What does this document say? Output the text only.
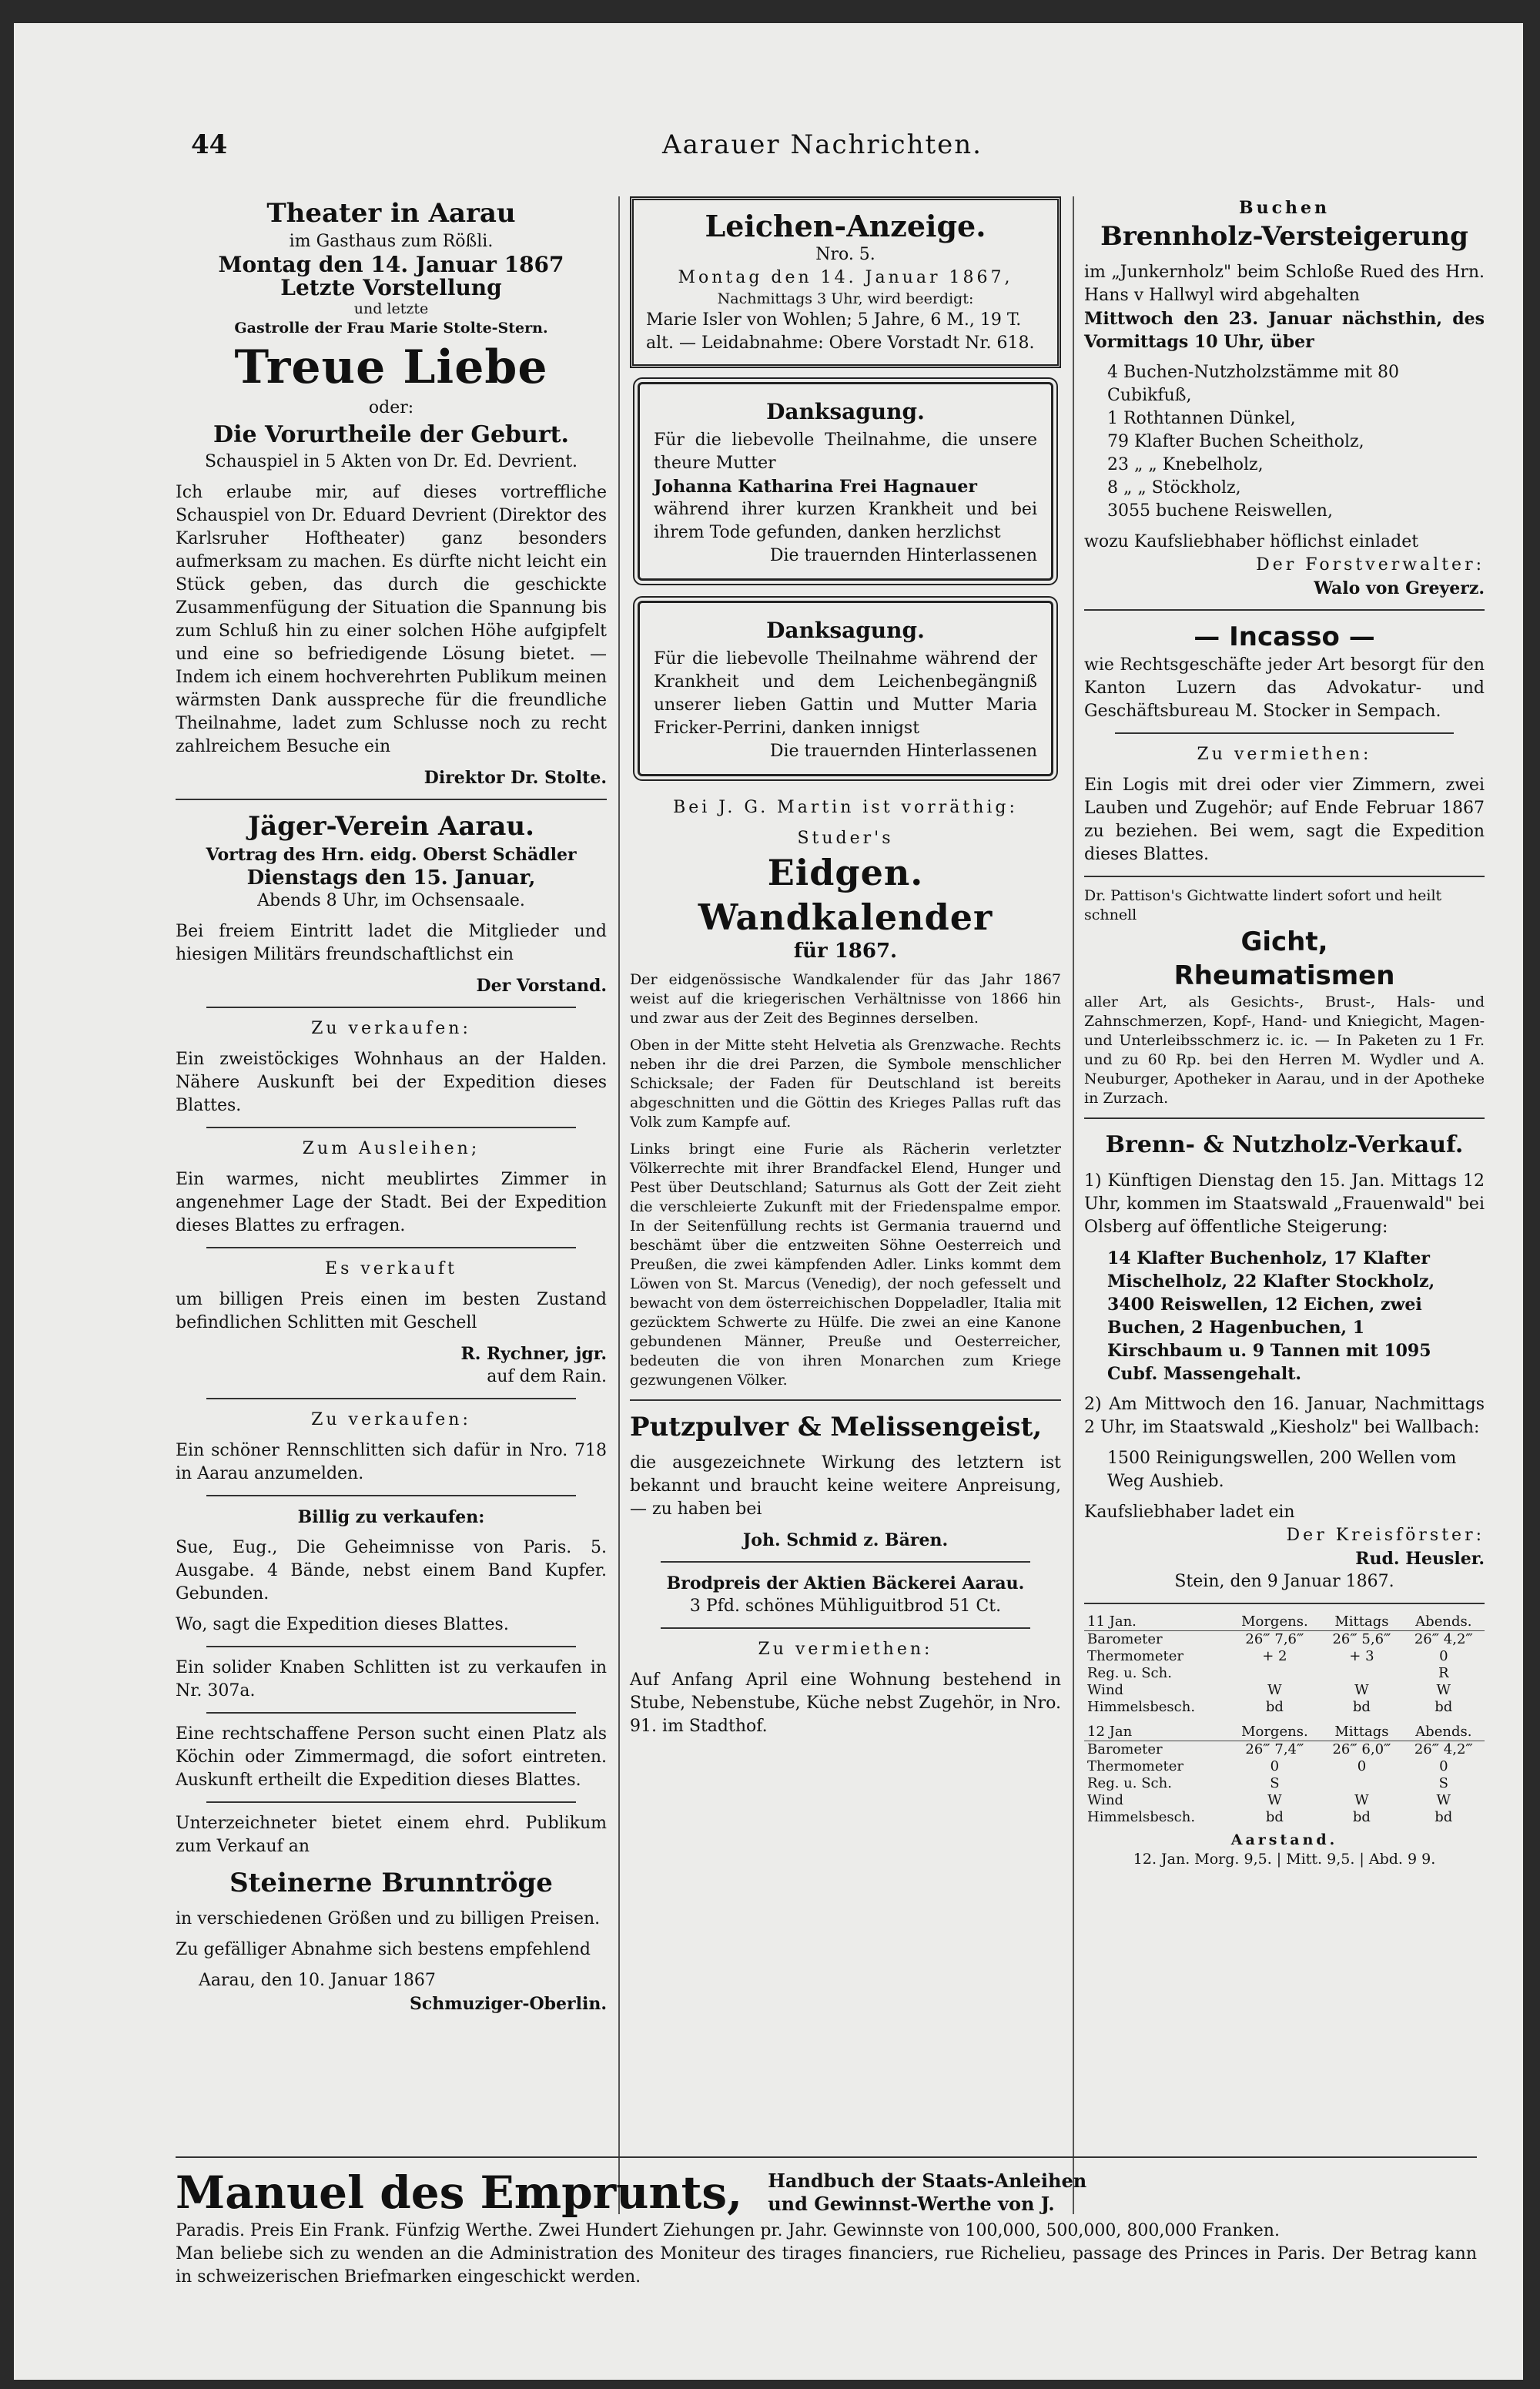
44	Aarauer Nachrichten.
Theater in Aarau
im Gasthaus zum Rößli.
Montag den 14. Januar 1867
Letzte Vorstellung
und letzte
Gastrolle der Frau Marie Stolte-Stern.
Treue Liebe
oder:
Die Vorurtheile der Geburt.
Schauspiel in 5 Akten von Dr. Ed. Devrient.
Ich erlaube mir, auf dieses vortreffliche Schauspiel von Dr. Eduard Devrient (Direktor des Karlsruher Hoftheater) ganz besonders aufmerksam zu machen. Es dürfte nicht leicht ein Stück geben, das durch die geschickte Zusammenfügung der Situation die Spannung bis zum Schluß hin zu einer solchen Höhe aufgipfelt und eine so befriedigende Lösung bietet. — Indem ich einem hochverehrten Publikum meinen wärmsten Dank ausspreche für die freundliche Theilnahme, ladet zum Schlusse noch zu recht zahlreichem Besuche ein
Direktor Dr. Stolte.
Jäger-Verein Aarau.
Vortrag des Hrn. eidg. Oberst Schädler
Dienstags den 15. Januar,
Abends 8 Uhr, im Ochsensaale.
Bei freiem Eintritt ladet die Mitglieder und hiesigen Militärs freundschaftlichst ein
Der Vorstand.
Zu verkaufen:
Ein zweistöckiges Wohnhaus an der Halden. Nähere Auskunft bei der Expedition dieses Blattes.
Zum Ausleihen;
Ein warmes, nicht meublirtes Zimmer in angenehmer Lage der Stadt. Bei der Expedition dieses Blattes zu erfragen.
Es verkauft
um billigen Preis einen im besten Zustand befindlichen Schlitten mit Geschell
R. Rychner, jgr.
auf dem Rain.
Zu verkaufen:
Ein schöner Rennschlitten sich dafür in Nro. 718 in Aarau anzumelden.
Billig zu verkaufen:
Sue, Eug., Die Geheimnisse von Paris. 5. Ausgabe. 4 Bände, nebst einem Band Kupfer. Gebunden.
Wo, sagt die Expedition dieses Blattes.
Ein solider Knaben Schlitten ist zu verkaufen in Nr. 307a.
Eine rechtschaffene Person sucht einen Platz als Köchin oder Zimmermagd, die sofort eintreten. Auskunft ertheilt die Expedition dieses Blattes.
Unterzeichneter bietet einem ehrd. Publikum zum Verkauf an
Steinerne Brunntröge
in verschiedenen Größen und zu billigen Preisen.
Zu gefälliger Abnahme sich bestens empfehlend
Aarau, den 10. Januar 1867
Schmuziger-Oberlin.
Leichen-Anzeige.
Nro. 5.
Montag den 14. Januar 1867,
Nachmittags 3 Uhr, wird beerdigt:
Marie Isler von Wohlen; 5 Jahre, 6 M., 19 T. alt. — Leidabnahme: Obere Vorstadt Nr. 618.
Danksagung.
Für die liebevolle Theilnahme, die unsere theure Mutter
Johanna Katharina Frei Hagnauer
während ihrer kurzen Krankheit und bei ihrem Tode gefunden, danken herzlichst
Die trauernden Hinterlassenen
Danksagung.
Für die liebevolle Theilnahme während der Krankheit und dem Leichenbegängniß unserer lieben Gattin und Mutter Maria Fricker-Perrini, danken innigst
Die trauernden Hinterlassenen
Bei J. G. Martin ist vorräthig:
Studer's
Eidgen. Wandkalender
für 1867.
Der eidgenössische Wandkalender für das Jahr 1867 weist auf die kriegerischen Verhältnisse von 1866 hin und zwar aus der Zeit des Beginnes derselben.
Oben in der Mitte steht Helvetia als Grenzwache. Rechts neben ihr die drei Parzen, die Symbole menschlicher Schicksale; der Faden für Deutschland ist bereits abgeschnitten und die Göttin des Krieges Pallas ruft das Volk zum Kampfe auf.
Links bringt eine Furie als Rächerin verletzter Völkerrechte mit ihrer Brandfackel Elend, Hunger und Pest über Deutschland; Saturnus als Gott der Zeit zieht die verschleierte Zukunft mit der Friedenspalme empor. In der Seitenfüllung rechts ist Germania trauernd und beschämt über die entzweiten Söhne Oesterreich und Preußen, die zwei kämpfenden Adler. Links kommt dem Löwen von St. Marcus (Venedig), der noch gefesselt und bewacht von dem österreichischen Doppeladler, Italia mit gezücktem Schwerte zu Hülfe. Die zwei an eine Kanone gebundenen Männer, Preuße und Oesterreicher, bedeuten die von ihren Monarchen zum Kriege gezwungenen Völker.
Putzpulver & Melissengeist,
die ausgezeichnete Wirkung des letztern ist bekannt und braucht keine weitere Anpreisung, — zu haben bei
Joh. Schmid z. Bären.
Brodpreis der Aktien Bäckerei Aarau.
3 Pfd. schönes Mühliguitbrod 51 Ct.
Zu vermiethen:
Auf Anfang April eine Wohnung bestehend in Stube, Nebenstube, Küche nebst Zugehör, in Nro. 91. im Stadthof.
Buchen
Brennholz-Versteigerung
im „Junkernholz" beim Schloße Rued des Hrn. Hans v Hallwyl wird abgehalten
Mittwoch den 23. Januar nächsthin, des Vormittags 10 Uhr, über
4 Buchen-Nutzholzstämme mit 80 Cubikfuß,
1 Rothtannen Dünkel,
79 Klafter Buchen Scheitholz,
23 „ „ Knebelholz,
8 „ „ Stöckholz,
3055 buchene Reiswellen,
wozu Kaufsliebhaber höflichst einladet
Der Forstverwalter:
Walo von Greyerz.
— Incasso —
wie Rechtsgeschäfte jeder Art besorgt für den Kanton Luzern das Advokatur- und Geschäftsbureau M. Stocker in Sempach.
Zu vermiethen:
Ein Logis mit drei oder vier Zimmern, zwei Lauben und Zugehör; auf Ende Februar 1867 zu beziehen. Bei wem, sagt die Expedition dieses Blattes.
Dr. Pattison's Gichtwatte lindert sofort und heilt schnell
Gicht,
Rheumatismen
aller Art, als Gesichts-, Brust-, Hals- und Zahnschmerzen, Kopf-, Hand- und Kniegicht, Magen- und Unterleibsschmerz ic. ic. — In Paketen zu 1 Fr. und zu 60 Rp. bei den Herren M. Wydler und A. Neuburger, Apotheker in Aarau, und in der Apotheke in Zurzach.
Brenn- & Nutzholz-Verkauf.
1) Künftigen Dienstag den 15. Jan. Mittags 12 Uhr, kommen im Staatswald „Frauenwald" bei Olsberg auf öffentliche Steigerung:
14 Klafter Buchenholz, 17 Klafter Mischelholz, 22 Klafter Stockholz, 3400 Reiswellen, 12 Eichen, zwei Buchen, 2 Hagenbuchen, 1 Kirschbaum u. 9 Tannen mit 1095 Cubf. Massengehalt.
2) Am Mittwoch den 16. Januar, Nachmittags 2 Uhr, im Staatswald „Kiesholz" bei Wallbach:
1500 Reinigungswellen, 200 Wellen vom Weg Aushieb.
Kaufsliebhaber ladet ein
Der Kreisförster:
Rud. Heusler.
Stein, den 9 Januar 1867.
11 Jan.	Morgens.	Mittags	Abends.
Barometer	26‴ 7,6‴	26‴ 5,6‴	26‴ 4,2‴
Thermometer	+ 2	+ 3	0
Reg. u. Sch.			R
Wind	W	W	W
Himmelsbesch.	bd	bd	bd
12 Jan	Morgens.	Mittags	Abends.
Barometer	26‴ 7,4‴	26‴ 6,0‴	26‴ 4,2‴
Thermometer	0	0	0
Reg. u. Sch.	S		S
Wind	W	W	W
Himmelsbesch.	bd	bd	bd
Aarstand.
12. Jan. Morg. 9,5. | Mitt. 9,5. | Abd. 9 9.
Manuel des Emprunts, Handbuch der Staats-Anleihen
und Gewinnst-Werthe von J.
Paradis. Preis Ein Frank. Fünfzig Werthe. Zwei Hundert Ziehungen pr. Jahr. Gewinnste von 100,000, 500,000, 800,000 Franken.
Man beliebe sich zu wenden an die Administration des Moniteur des tirages financiers, rue Richelieu, passage des Princes in Paris. Der Betrag kann in schweizerischen Briefmarken eingeschickt werden.
